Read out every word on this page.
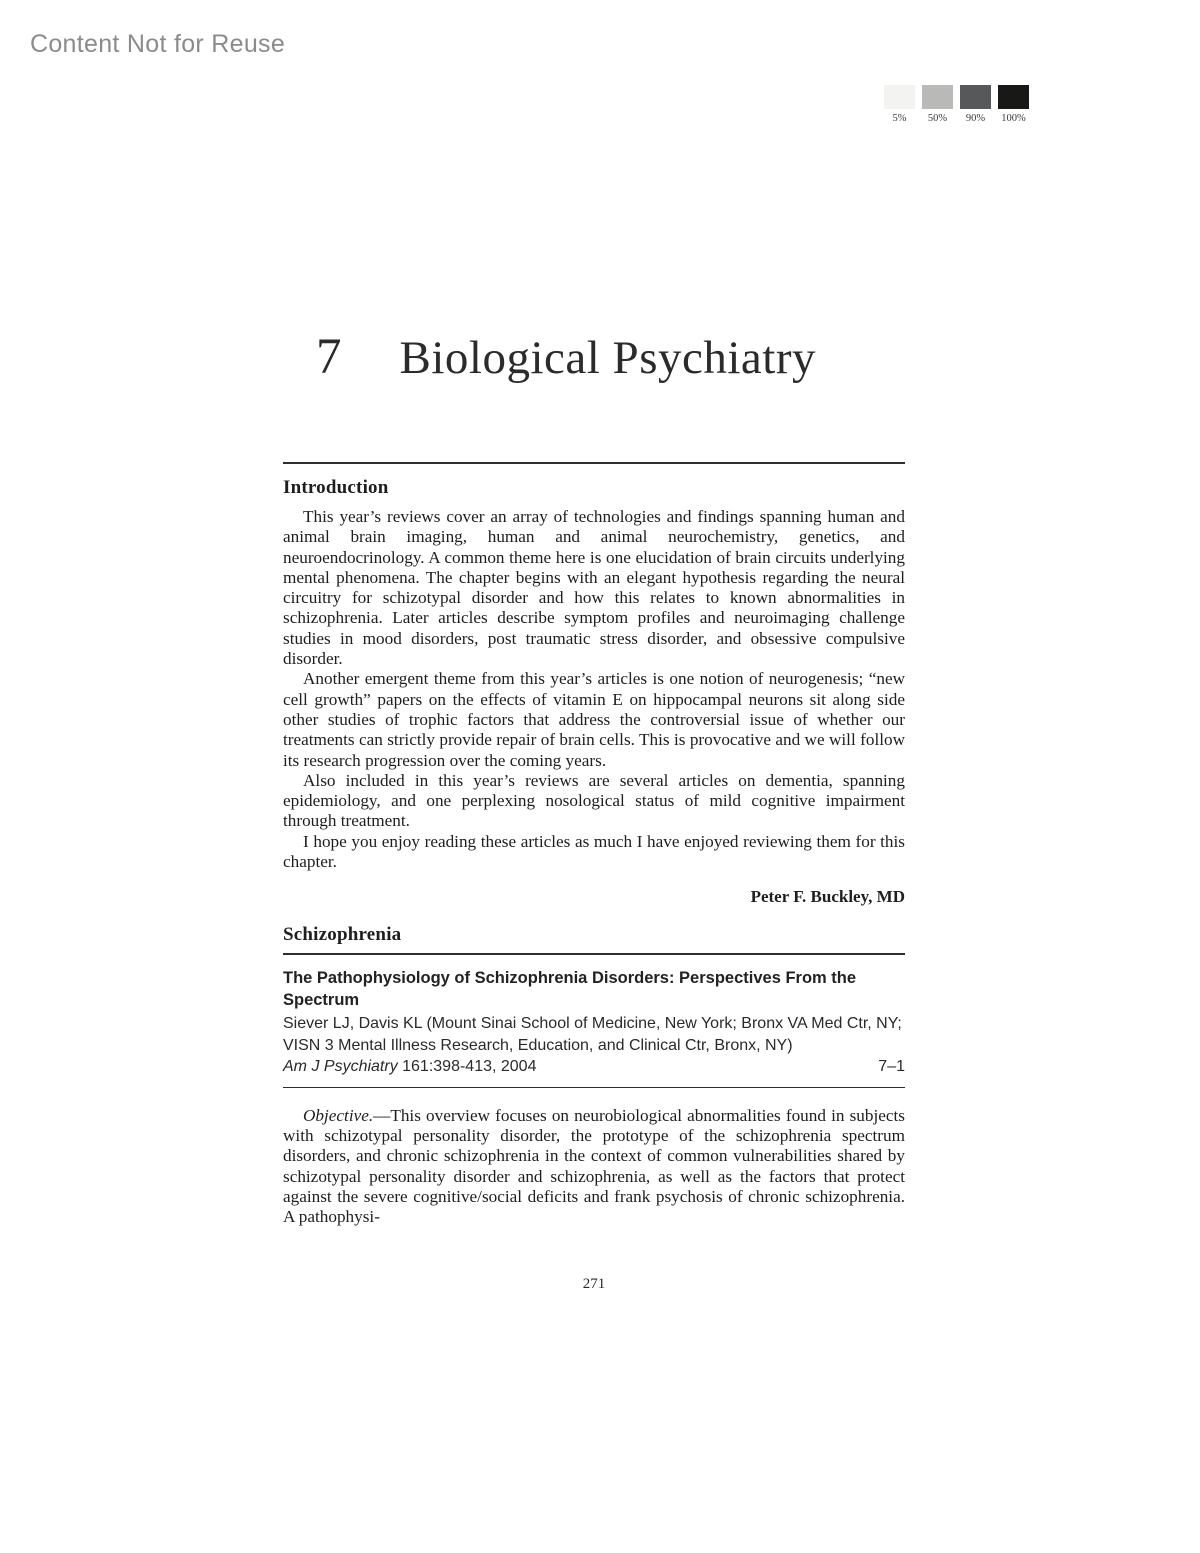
Content Not for Reuse
5%	50%	90%	100%
7 Biological Psychiatry
Introduction

This year’s reviews cover an array of technologies and findings spanning human and animal brain imaging, human and animal neurochemistry, genetics, and neuroendocrinology. A common theme here is one elucidation of brain circuits underlying mental phenomena. The chapter begins with an elegant hypothesis regarding the neural circuitry for schizotypal disorder and how this relates to known abnormalities in schizophrenia. Later articles describe symptom profiles and neuroimaging challenge studies in mood disorders, post traumatic stress disorder, and obsessive compulsive disorder.

Another emergent theme from this year’s articles is one notion of neurogenesis; “new cell growth” papers on the effects of vitamin E on hippocampal neurons sit along side other studies of trophic factors that address the controversial issue of whether our treatments can strictly provide repair of brain cells. This is provocative and we will follow its research progression over the coming years.

Also included in this year’s reviews are several articles on dementia, spanning epidemiology, and one perplexing nosological status of mild cognitive impairment through treatment.

I hope you enjoy reading these articles as much I have enjoyed reviewing them for this chapter.

Peter F. Buckley, MD
Schizophrenia
The Pathophysiology of Schizophrenia Disorders: Perspectives From the Spectrum
Siever LJ, Davis KL (Mount Sinai School of Medicine, New York; Bronx VA Med Ctr, NY; VISN 3 Mental Illness Research, Education, and Clinical Ctr, Bronx, NY)
7–1
Am J Psychiatry 161:398-413, 2004

Objective.—This overview focuses on neurobiological abnormalities found in subjects with schizotypal personality disorder, the prototype of the schizophrenia spectrum disorders, and chronic schizophrenia in the context of common vulnerabilities shared by schizotypal personality disorder and schizophrenia, as well as the factors that protect against the severe cognitive/social deficits and frank psychosis of chronic schizophrenia. A pathophysi-

271
